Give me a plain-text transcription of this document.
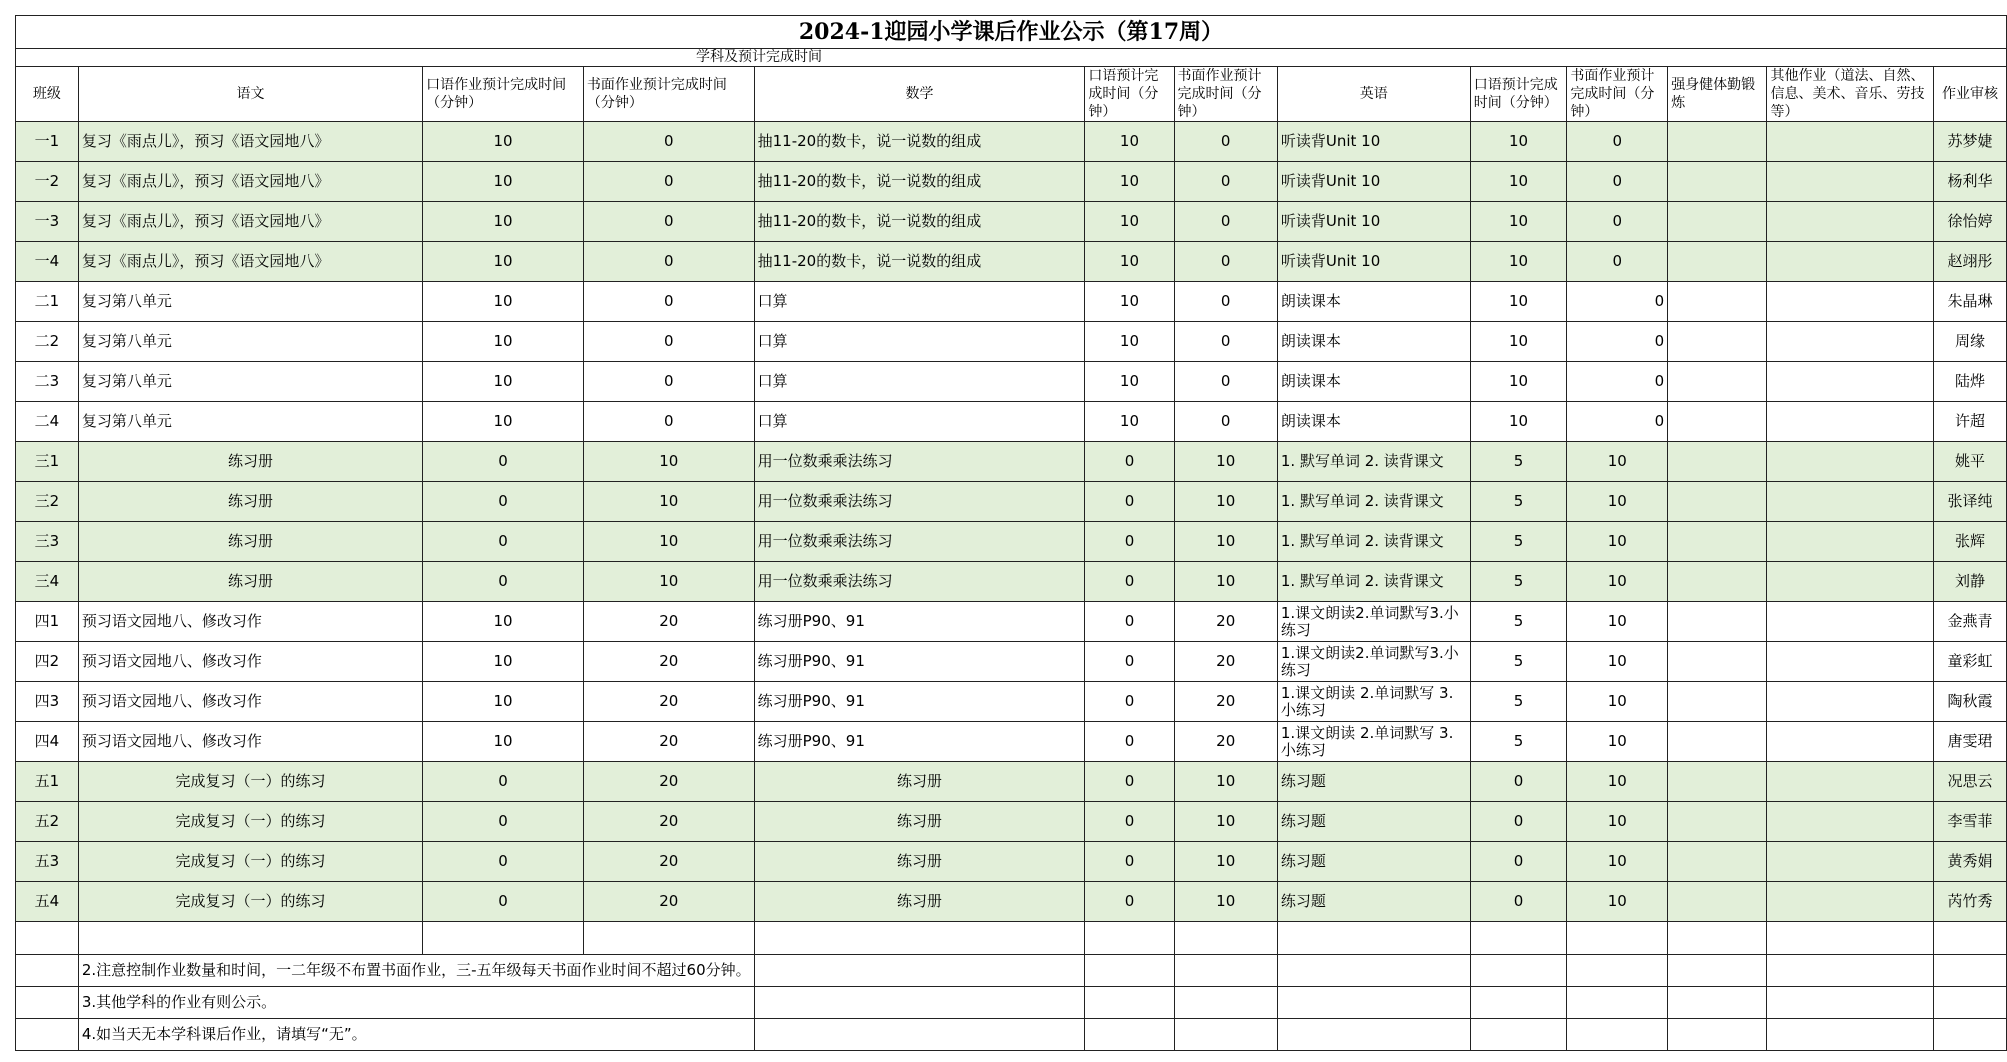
2024-1迎园小学课后作业公示（第17周）												
学科及预计完成时间												
班级	语文	口语作业预计完成时间（分钟）	书面作业预计完成时间（分钟）	数学	口语预计完成时间（分钟）	书面作业预计完成时间（分钟）	英语	口语预计完成时间（分钟）	书面作业预计完成时间（分钟）	强身健体勤锻炼	其他作业（道法、自然、信息、美术、音乐、劳技等）	作业审核
一1	复习《雨点儿》，预习《语文园地八》	10	0	抽11-20的数卡，说一说数的组成	10	0	听读背Unit 10	10	0			苏梦婕
一2	复习《雨点儿》，预习《语文园地八》	10	0	抽11-20的数卡，说一说数的组成	10	0	听读背Unit 10	10	0			杨利华
一3	复习《雨点儿》，预习《语文园地八》	10	0	抽11-20的数卡，说一说数的组成	10	0	听读背Unit 10	10	0			徐怡婷
一4	复习《雨点儿》，预习《语文园地八》	10	0	抽11-20的数卡，说一说数的组成	10	0	听读背Unit 10	10	0			赵翊彤
二1	复习第八单元	10	0	口算	10	0	朗读课本	10	0			朱晶琳
二2	复习第八单元	10	0	口算	10	0	朗读课本	10	0			周缘
二3	复习第八单元	10	0	口算	10	0	朗读课本	10	0			陆烨
二4	复习第八单元	10	0	口算	10	0	朗读课本	10	0			许超
三1	练习册	0	10	用一位数乘乘法练习	0	10	1. 默写单词 2. 读背课文	5	10			姚平
三2	练习册	0	10	用一位数乘乘法练习	0	10	1. 默写单词 2. 读背课文	5	10			张译纯
三3	练习册	0	10	用一位数乘乘法练习	0	10	1. 默写单词 2. 读背课文	5	10			张辉
三4	练习册	0	10	用一位数乘乘法练习	0	10	1. 默写单词 2. 读背课文	5	10			刘静
四1	预习语文园地八、修改习作	10	20	练习册P90、91	0	20	1.课文朗读2.单词默写3.小练习	5	10			金燕青
四2	预习语文园地八、修改习作	10	20	练习册P90、91	0	20	1.课文朗读2.单词默写3.小练习	5	10			童彩虹
四3	预习语文园地八、修改习作	10	20	练习册P90、91	0	20	1.课文朗读 2.单词默写 3.小练习	5	10			陶秋霞
四4	预习语文园地八、修改习作	10	20	练习册P90、91	0	20	1.课文朗读 2.单词默写 3.小练习	5	10			唐雯珺
五1	完成复习（一）的练习	0	20	练习册	0	10	练习题	0	10			况思云
五2	完成复习（一）的练习	0	20	练习册	0	10	练习题	0	10			李雪菲
五3	完成复习（一）的练习	0	20	练习册	0	10	练习题	0	10			黄秀娟
五4	完成复习（一）的练习	0	20	练习册	0	10	练习题	0	10			芮竹秀

	2.注意控制作业数量和时间，一二年级不布置书面作业，三-五年级每天书面作业时间不超过60分钟。											
	3.其他学科的作业有则公示。											
	4.如当天无本学科课后作业，请填写“无”。											
